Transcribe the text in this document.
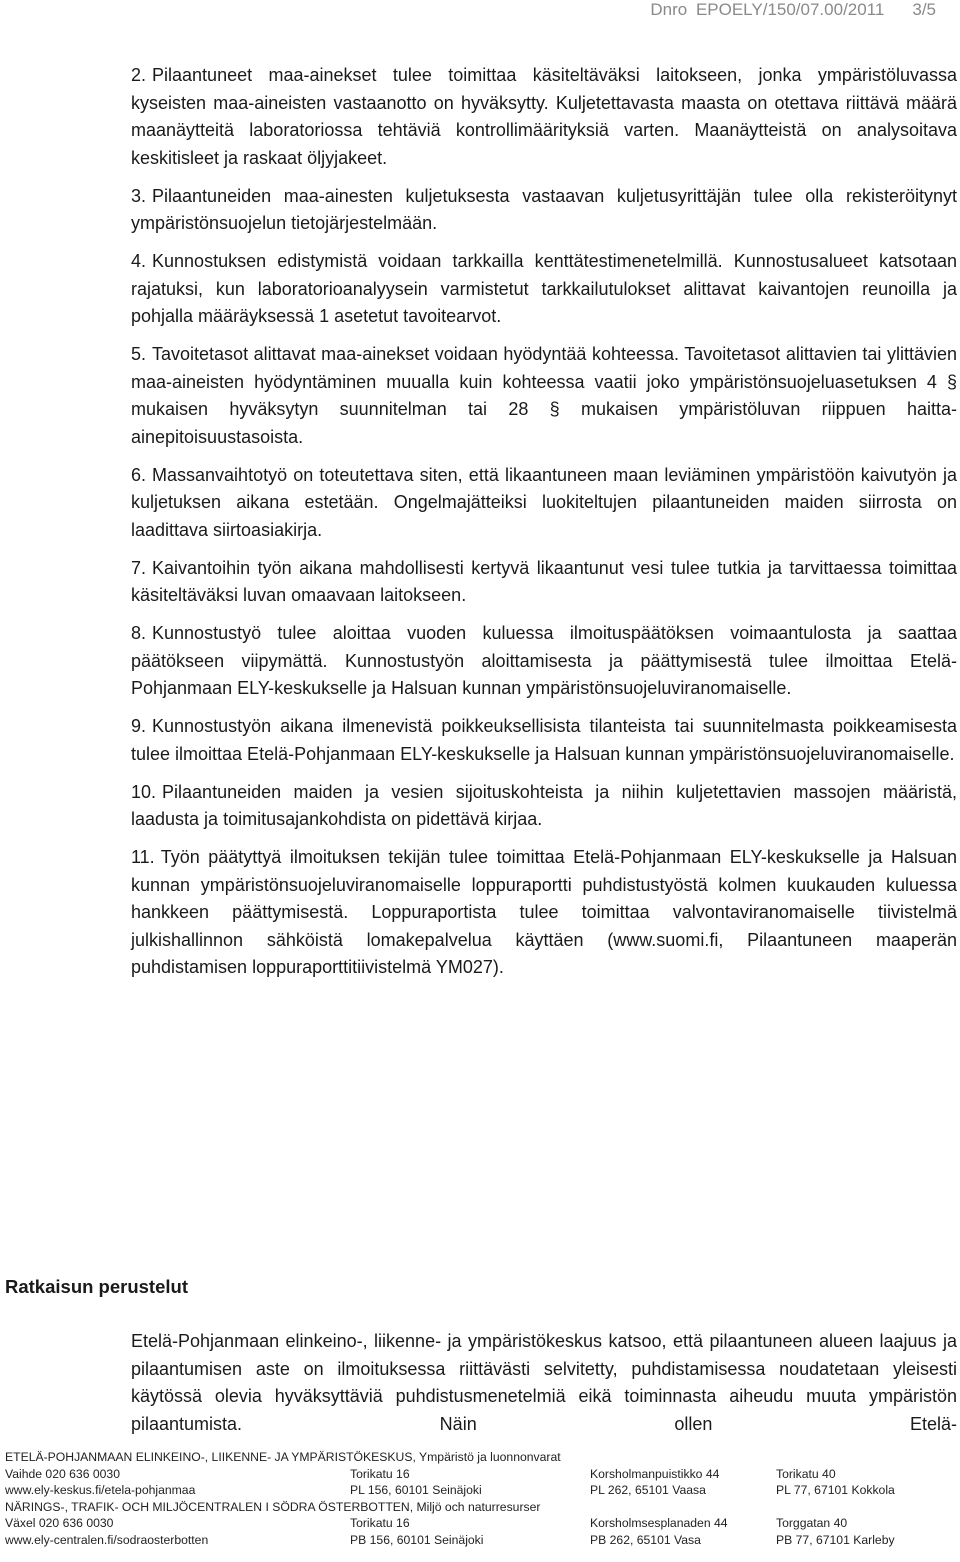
Dnro EPOELY/150/07.00/2011 3/5

2. Pilaantuneet maa-ainekset tulee toimittaa käsiteltäväksi laitokseen, jonka ympäristöluvassa kyseisten maa-aineisten vastaanotto on hyväksytty. Kuljetettavasta maasta on otettava riittävä määrä maanäytteitä laboratoriossa tehtäviä kontrollimäärityksiä varten. Maanäytteistä on analysoitava keskitisleet ja raskaat öljyjakeet.

3. Pilaantuneiden maa-ainesten kuljetuksesta vastaavan kuljetusyrittäjän tulee olla rekisteröitynyt ympäristönsuojelun tietojärjestelmään.

4. Kunnostuksen edistymistä voidaan tarkkailla kenttätestimenetelmillä. Kunnostusalueet katsotaan rajatuksi, kun laboratorioanalyysein varmistetut tarkkailutulokset alittavat kaivantojen reunoilla ja pohjalla määräyksessä 1 asetetut tavoitearvot.

5. Tavoitetasot alittavat maa-ainekset voidaan hyödyntää kohteessa. Tavoitetasot alittavien tai ylittävien maa-aineisten hyödyntäminen muualla kuin kohteessa vaatii joko ympäristönsuojeluasetuksen 4 § mukaisen hyväksytyn suunnitelman tai 28 § mukaisen ympäristöluvan riippuen haitta-ainepitoisuustasoista.

6. Massanvaihtotyö on toteutettava siten, että likaantuneen maan leviäminen ympäristöön kaivutyön ja kuljetuksen aikana estetään. Ongelmajätteiksi luokiteltujen pilaantuneiden maiden siirrosta on laadittava siirtoasiakirja.

7. Kaivantoihin työn aikana mahdollisesti kertyvä likaantunut vesi tulee tutkia ja tarvittaessa toimittaa käsiteltäväksi luvan omaavaan laitokseen.

8. Kunnostustyö tulee aloittaa vuoden kuluessa ilmoituspäätöksen voimaantulosta ja saattaa päätökseen viipymättä. Kunnostustyön aloittamisesta ja päättymisestä tulee ilmoittaa Etelä-Pohjanmaan ELY-keskukselle ja Halsuan kunnan ympäristönsuojeluviranomaiselle.

9. Kunnostustyön aikana ilmenevistä poikkeuksellisista tilanteista tai suunnitelmasta poikkeamisesta tulee ilmoittaa Etelä-Pohjanmaan ELY-keskukselle ja Halsuan kunnan ympäristönsuojeluviranomaiselle.

10. Pilaantuneiden maiden ja vesien sijoituskohteista ja niihin kuljetettavien massojen määristä, laadusta ja toimitusajankohdista on pidettävä kirjaa.

11. Työn päätyttyä ilmoituksen tekijän tulee toimittaa Etelä-Pohjanmaan ELY-keskukselle ja Halsuan kunnan ympäristönsuojeluviranomaiselle loppuraportti puhdistustyöstä kolmen kuukauden kuluessa hankkeen päättymisestä. Loppuraportista tulee toimittaa valvontaviranomaiselle tiivistelmä julkishallinnon sähköistä lomakepalvelua käyttäen (www.suomi.fi, Pilaantuneen maaperän puhdistamisen loppuraporttitiivistelmä YM027).

Ratkaisun perustelut

Etelä-Pohjanmaan elinkeino-, liikenne- ja ympäristökeskus katsoo, että pilaantuneen alueen laajuus ja pilaantumisen aste on ilmoituksessa riittävästi selvitetty, puhdistamisessa noudatetaan yleisesti käytössä olevia hyväksyttäviä puhdistusmenetelmiä eikä toiminnasta aiheudu muuta ympäristön pilaantumista. Näin ollen Etelä-

ETELÄ-POHJANMAAN ELINKEINO-, LIIKENNE- JA YMPÄRISTÖKESKUS, Ympäristö ja luonnonvarat
Vaihde 020 636 0030	Torikatu 16	Korsholmanpuistikko 44	Torikatu 40
www.ely-keskus.fi/etela-pohjanmaa	PL 156, 60101 Seinäjoki	PL 262, 65101 Vaasa	PL 77, 67101 Kokkola
NÄRINGS-, TRAFIK- OCH MILJÖCENTRALEN I SÖDRA ÖSTERBOTTEN, Miljö och naturresurser
Växel 020 636 0030	Torikatu 16	Korsholmsesplanaden 44	Torggatan 40
www.ely-centralen.fi/sodraosterbotten	PB 156, 60101 Seinäjoki	PB 262, 65101 Vasa	PB 77, 67101 Karleby
